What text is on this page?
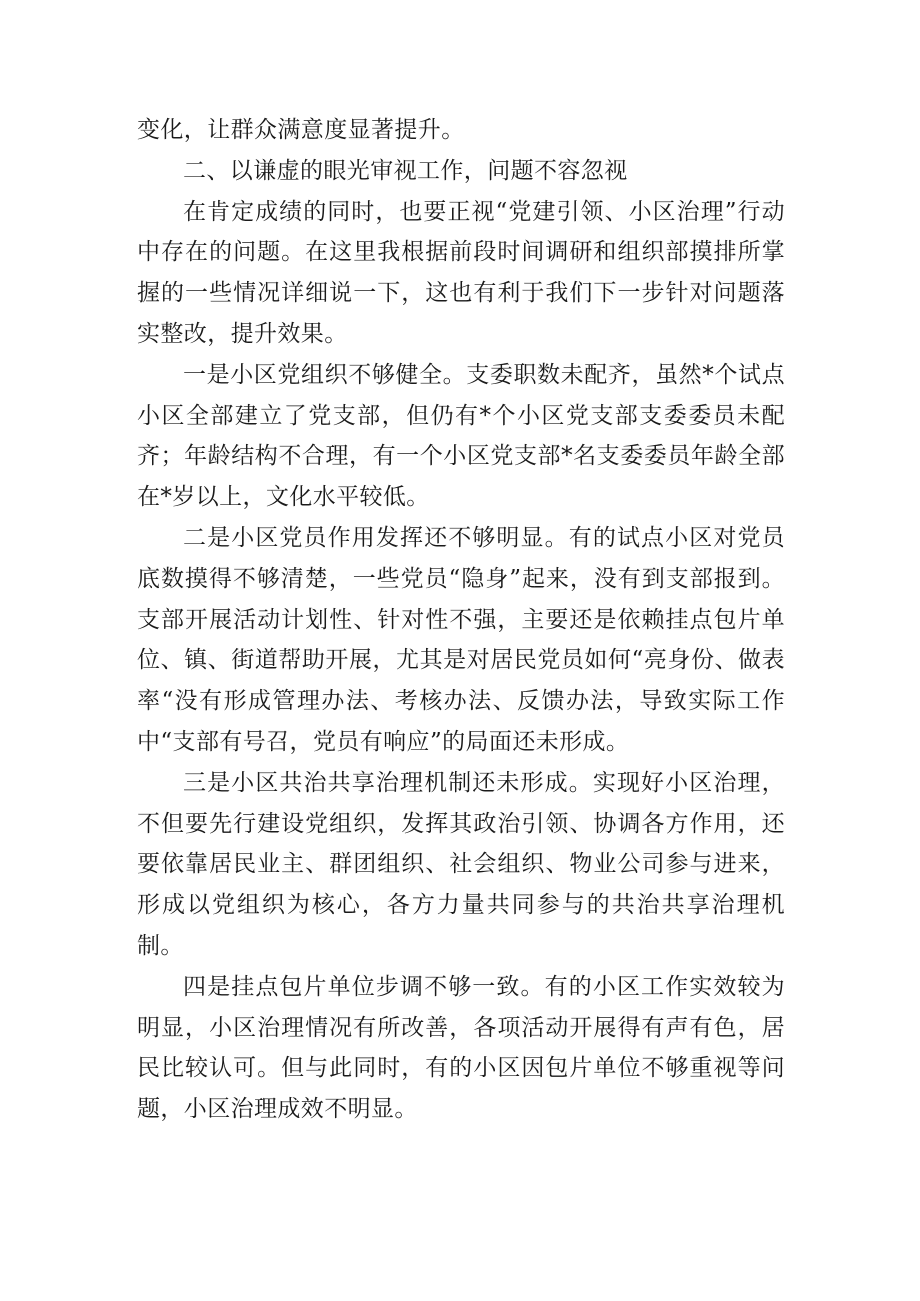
变化，让群众满意度显著提升。

二、以谦虚的眼光审视工作，问题不容忽视

在肯定成绩的同时，也要正视“党建引领、小区治理”行动中存在的问题。在这里我根据前段时间调研和组织部摸排所掌握的一些情况详细说一下，这也有利于我们下一步针对问题落实整改，提升效果。

一是小区党组织不够健全。支委职数未配齐，虽然*个试点小区全部建立了党支部，但仍有*个小区党支部支委委员未配齐；年龄结构不合理，有一个小区党支部*名支委委员年龄全部在*岁以上，文化水平较低。

二是小区党员作用发挥还不够明显。有的试点小区对党员底数摸得不够清楚，一些党员“隐身”起来，没有到支部报到。支部开展活动计划性、针对性不强，主要还是依赖挂点包片单位、镇、街道帮助开展，尤其是对居民党员如何“亮身份、做表率“没有形成管理办法、考核办法、反馈办法，导致实际工作中“支部有号召，党员有响应”的局面还未形成。

三是小区共治共享治理机制还未形成。实现好小区治理，不但要先行建设党组织，发挥其政治引领、协调各方作用，还要依靠居民业主、群团组织、社会组织、物业公司参与进来，形成以党组织为核心，各方力量共同参与的共治共享治理机制。

四是挂点包片单位步调不够一致。有的小区工作实效较为明显，小区治理情况有所改善，各项活动开展得有声有色，居民比较认可。但与此同时，有的小区因包片单位不够重视等问题，小区治理成效不明显。
